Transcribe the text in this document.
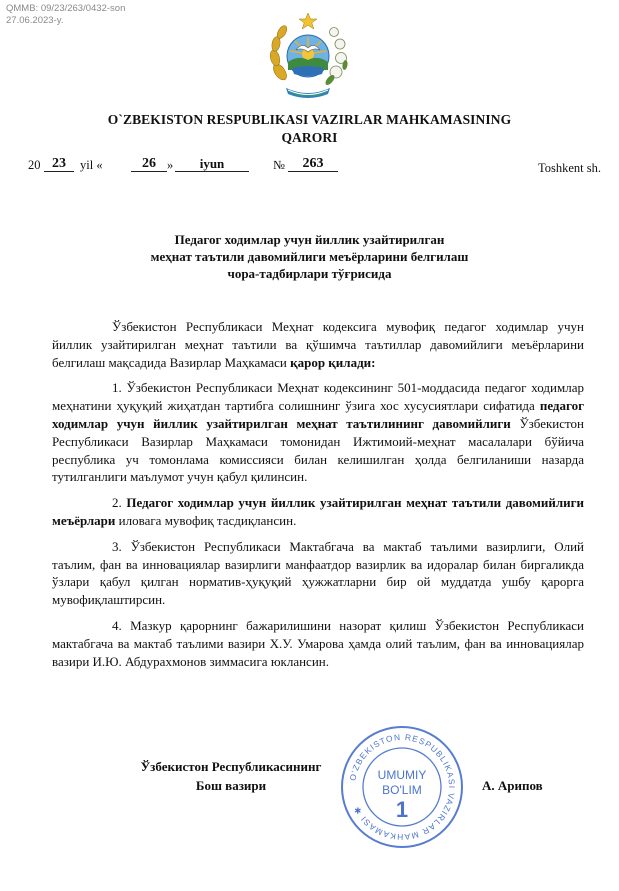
QMMB: 09/23/263/0432-son
27.06.2023-y.
O`ZBEKISTON RESPUBLIKASI VAZIRLAR MAHKAMASINING
QARORI
20 23	yil «	26 »	iyun	№	263	Toshkent sh.
Педагог ходимлар учун йиллик узайтирилган
меҳнат таътили давомийлиги меъёрларини белгилаш
чора-тадбирлари тўғрисида

Ўзбекистон Республикаси Меҳнат кодексига мувофиқ педагог ходимлар учун йиллик узайтирилган меҳнат таътили ва қўшимча таътиллар давомийлиги меъёрларини белгилаш мақсадида Вазирлар Маҳкамаси қарор қилади:

1. Ўзбекистон Республикаси Меҳнат кодексининг 501-моддасида педагог ходимлар меҳнатини ҳуқуқий жиҳатдан тартибга солишнинг ўзига хос хусусиятлари сифатида педагог ходимлар учун йиллик узайтирилган меҳнат таътилининг давомийлиги Ўзбекистон Республикаси Вазирлар Маҳкамаси томонидан Ижтимоий-меҳнат масалалари бўйича республика уч томонлама комиссияси билан келишилган ҳолда белгиланиши назарда тутилганлиги маълумот учун қабул қилинсин.

2. Педагог ходимлар учун йиллик узайтирилган меҳнат таътили давомийлиги меъёрлари иловага мувофиқ тасдиқлансин.

3. Ўзбекистон Республикаси Мактабгача ва мактаб таълими вазирлиги, Олий таълим, фан ва инновациялар вазирлиги манфаатдор вазирлик ва идоралар билан биргаликда ўзлари қабул қилган норматив-ҳуқуқий ҳужжатларни бир ой муддатда ушбу қарорга мувофиқлаштирсин.

4. Мазкур қарорнинг бажарилишини назорат қилиш Ўзбекистон Республикаси мактабгача ва мактаб таълими вазири Х.У. Умарова ҳамда олий таълим, фан ва инновациялар вазири И.Ю. Абдурахмонов зиммасига юклансин.

Ўзбекистон Республикасининг
Бош вазири	А. Арипов
O'ZBEKISTON RESPUBLIKASI VAZIRLAR MAHKAMASI ✱
UMUMIY
BO'LIM
1
